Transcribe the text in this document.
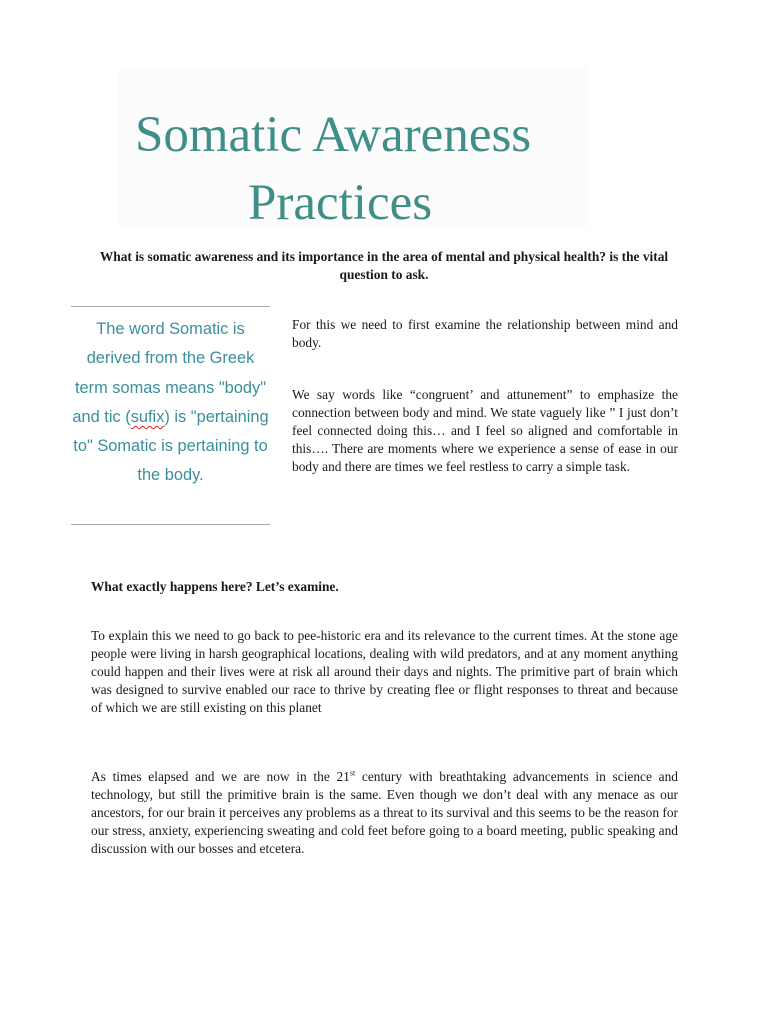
Somatic Awareness
Practices
What is somatic awareness and its importance in the area of mental and physical health? is the vital question to ask.
The word Somatic is derived from the Greek term somas means "body" and tic (sufix) is "pertaining to" Somatic is pertaining to the body.
For this we need to first examine the relationship between mind and body.
We say words like “congruent’ and attunement” to emphasize the connection between body and mind. We state vaguely like ” I just don’t feel connected doing this… and I feel so aligned and comfortable in this…. There are moments where we experience a sense of ease in our body and there are times we feel restless to carry a simple task.
What exactly happens here? Let’s examine.
To explain this we need to go back to pee-historic era and its relevance to the current times. At the stone age people were living in harsh geographical locations, dealing with wild predators, and at any moment anything could happen and their lives were at risk all around their days and nights. The primitive part of brain which was designed to survive enabled our race to thrive by creating flee or flight responses to threat and because of which we are still existing on this planet
As times elapsed and we are now in the 21st century with breathtaking advancements in science and technology, but still the primitive brain is the same. Even though we don’t deal with any menace as our ancestors, for our brain it perceives any problems as a threat to its survival and this seems to be the reason for our stress, anxiety, experiencing sweating and cold feet before going to a board meeting, public speaking and discussion with our bosses and etcetera.
